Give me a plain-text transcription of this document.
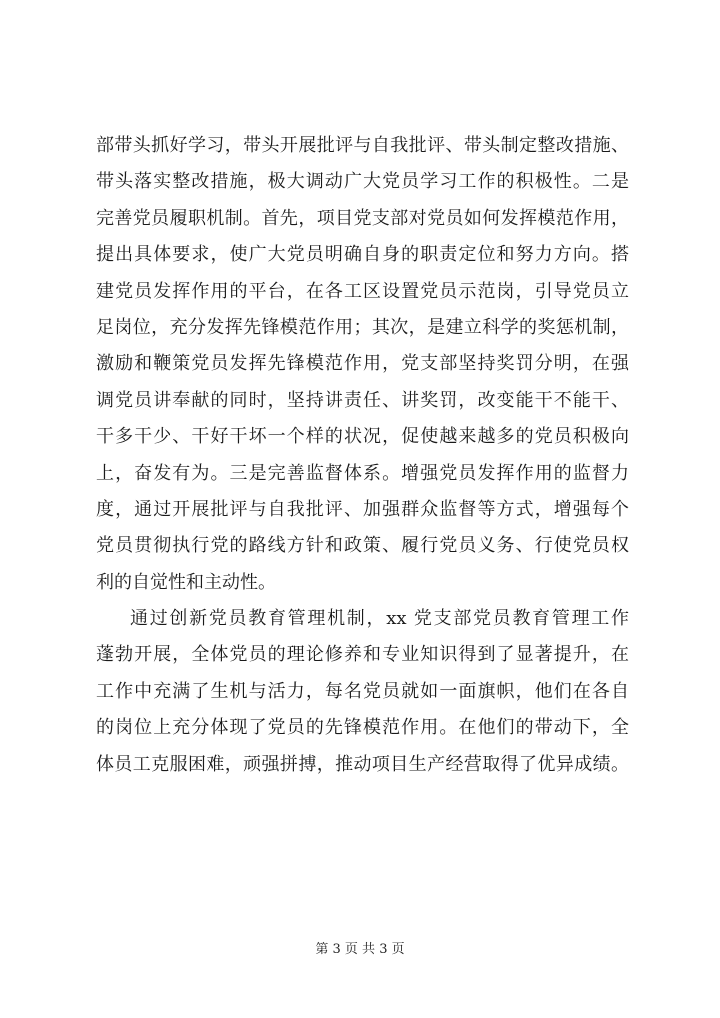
部带头抓好学习，带头开展批评与自我批评、带头制定整改措施、
带头落实整改措施，极大调动广大党员学习工作的积极性。二是
完善党员履职机制。首先，项目党支部对党员如何发挥模范作用，
提出具体要求，使广大党员明确自身的职责定位和努力方向。搭
建党员发挥作用的平台，在各工区设置党员示范岗，引导党员立
足岗位，充分发挥先锋模范作用；其次，是建立科学的奖惩机制，
激励和鞭策党员发挥先锋模范作用，党支部坚持奖罚分明，在强
调党员讲奉献的同时，坚持讲责任、讲奖罚，改变能干不能干、
干多干少、干好干坏一个样的状况，促使越来越多的党员积极向
上，奋发有为。三是完善监督体系。增强党员发挥作用的监督力
度，通过开展批评与自我批评、加强群众监督等方式，增强每个
党员贯彻执行党的路线方针和政策、履行党员义务、行使党员权
利的自觉性和主动性。
通过创新党员教育管理机制，xx 党支部党员教育管理工作
蓬勃开展，全体党员的理论修养和专业知识得到了显著提升，在
工作中充满了生机与活力，每名党员就如一面旗帜，他们在各自
的岗位上充分体现了党员的先锋模范作用。在他们的带动下，全
体员工克服困难，顽强拼搏，推动项目生产经营取得了优异成绩。
第 3 页 共 3 页
